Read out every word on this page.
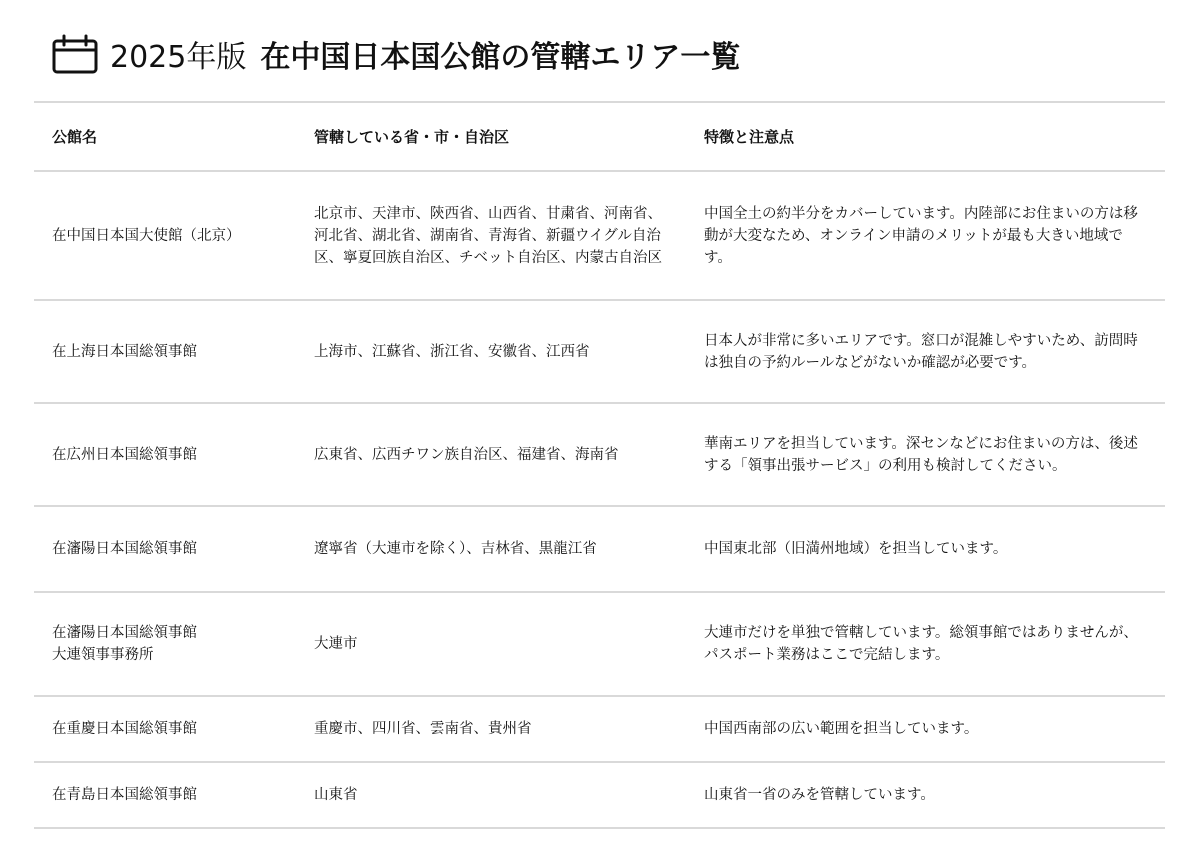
2025年版 在中国日本国公館の管轄エリア一覧
公館名	管轄している省・市・自治区	特徴と注意点

在中国日本国大使館（北京）	北京市、天津市、陝西省、山西省、甘粛省、河南省、河北省、湖北省、湖南省、青海省、新疆ウイグル自治区、寧夏回族自治区、チベット自治区、内蒙古自治区	中国全土の約半分をカバーしています。内陸部にお住まいの方は移動が大変なため、オンライン申請のメリットが最も大きい地域です。

在上海日本国総領事館	上海市、江蘇省、浙江省、安徽省、江西省	日本人が非常に多いエリアです。窓口が混雑しやすいため、訪問時は独自の予約ルールなどがないか確認が必要です。

在広州日本国総領事館	広東省、広西チワン族自治区、福建省、海南省	華南エリアを担当しています。深センなどにお住まいの方は、後述する「領事出張サービス」の利用も検討してください。

在瀋陽日本国総領事館	遼寧省（大連市を除く）、吉林省、黒龍江省	中国東北部（旧満州地域）を担当しています。

在瀋陽日本国総領事館
大連領事事務所	大連市	大連市だけを単独で管轄しています。総領事館ではありませんが、パスポート業務はここで完結します。

在重慶日本国総領事館	重慶市、四川省、雲南省、貴州省	中国西南部の広い範囲を担当しています。

在青島日本国総領事館	山東省	山東省一省のみを管轄しています。
